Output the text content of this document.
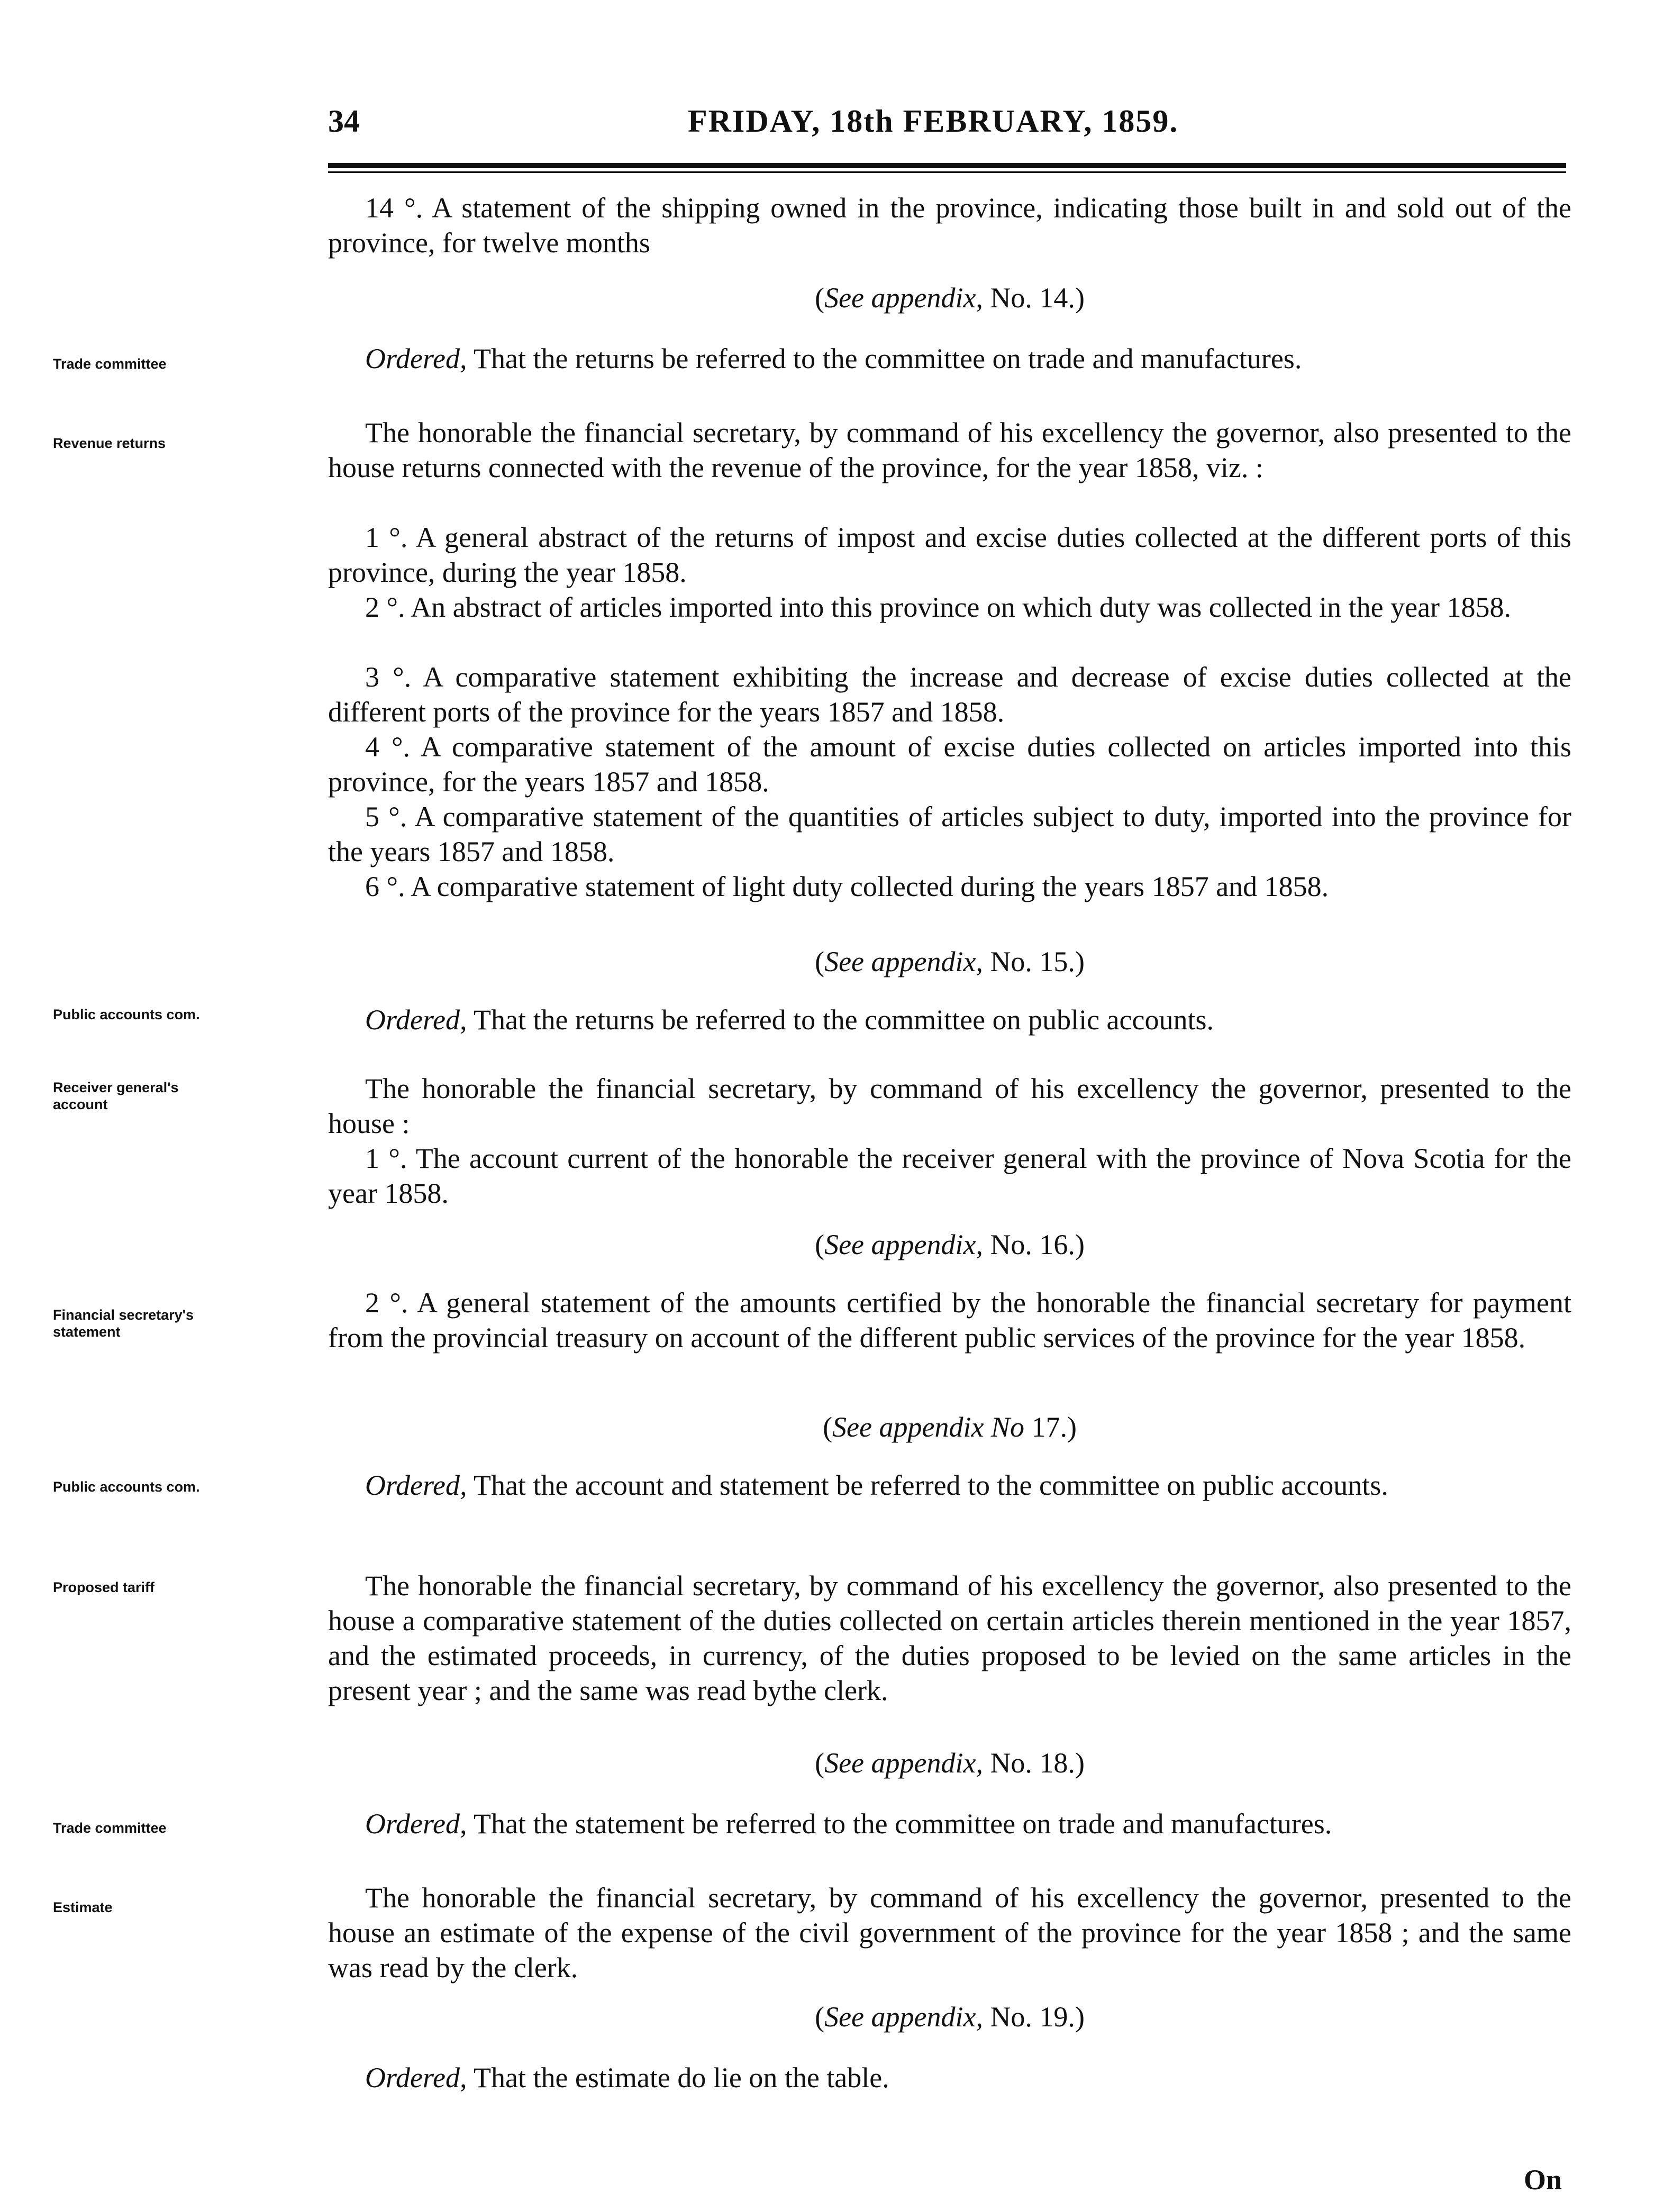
34	FRIDAY, 18th FEBRUARY, 1859.
Trade committee
Revenue returns
Public accounts com.
Receiver general's account
Financial secretary's statement
Public accounts com.
Proposed tariff
Trade committee
Estimate
14 °. A statement of the shipping owned in the province, indicating those built in and sold out of the province, for twelve months
(See appendix, No. 14.)
Ordered, That the returns be referred to the committee on trade and manufactures.
The honorable the financial secretary, by command of his excellency the governor, also presented to the house returns connected with the revenue of the province, for the year 1858, viz. :
1 °. A general abstract of the returns of impost and excise duties collected at the different ports of this province, during the year 1858.
2 °. An abstract of articles imported into this province on which duty was collected in the year 1858.
3 °. A comparative statement exhibiting the increase and decrease of excise duties collected at the different ports of the province for the years 1857 and 1858.
4 °. A comparative statement of the amount of excise duties collected on articles imported into this province, for the years 1857 and 1858.
5 °. A comparative statement of the quantities of articles subject to duty, imported into the province for the years 1857 and 1858.
6 °. A comparative statement of light duty collected during the years 1857 and 1858.
(See appendix, No. 15.)
Ordered, That the returns be referred to the committee on public accounts.
The honorable the financial secretary, by command of his excellency the governor, presented to the house :
1 °. The account current of the honorable the receiver general with the province of Nova Scotia for the year 1858.
(See appendix, No. 16.)
2 °. A general statement of the amounts certified by the honorable the financial secretary for payment from the provincial treasury on account of the different public services of the province for the year 1858.
(See appendix No 17.)
Ordered, That the account and statement be referred to the committee on public accounts.
The honorable the financial secretary, by command of his excellency the governor, also presented to the house a comparative statement of the duties collected on certain articles therein mentioned in the year 1857, and the estimated proceeds, in currency, of the duties proposed to be levied on the same articles in the present year ; and the same was read bythe clerk.
(See appendix, No. 18.)
Ordered, That the statement be referred to the committee on trade and manufactures.
The honorable the financial secretary, by command of his excellency the governor, presented to the house an estimate of the expense of the civil government of the province for the year 1858 ; and the same was read by the clerk.
(See appendix, No. 19.)
Ordered, That the estimate do lie on the table.
On
